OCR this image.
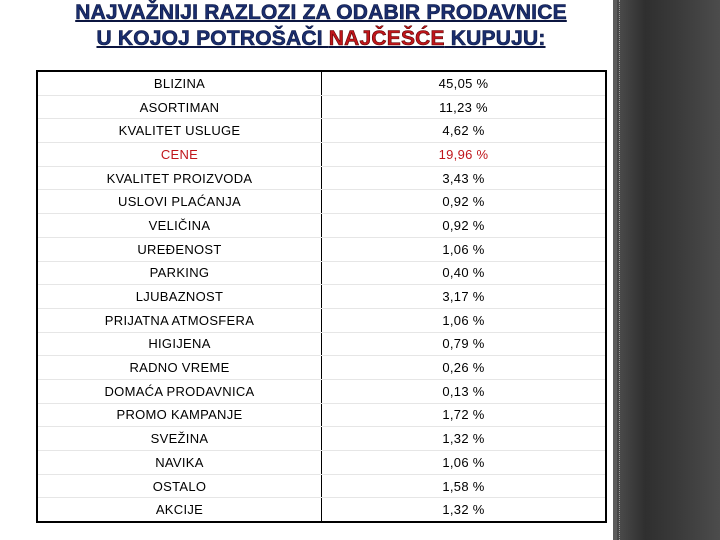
NAJVAŽNIJI RAZLOZI ZA ODABIR PRODAVNICE
U KOJOJ POTROŠAČI NAJČEŠĆE KUPUJU:
BLIZINA	45,05 %
ASORTIMAN	11,23 %
KVALITET USLUGE	4,62 %
CENE	19,96 %
KVALITET PROIZVODA	3,43 %
USLOVI PLAĆANJA	0,92 %
VELIČINA	0,92 %
UREĐENOST	1,06 %
PARKING	0,40 %
LJUBAZNOST	3,17 %
PRIJATNA ATMOSFERA	1,06 %
HIGIJENA	0,79 %
RADNO VREME	0,26 %
DOMAĆA PRODAVNICA	0,13 %
PROMO KAMPANJE	1,72 %
SVEŽINA	1,32 %
NAVIKA	1,06 %
OSTALO	1,58 %
AKCIJE	1,32 %
